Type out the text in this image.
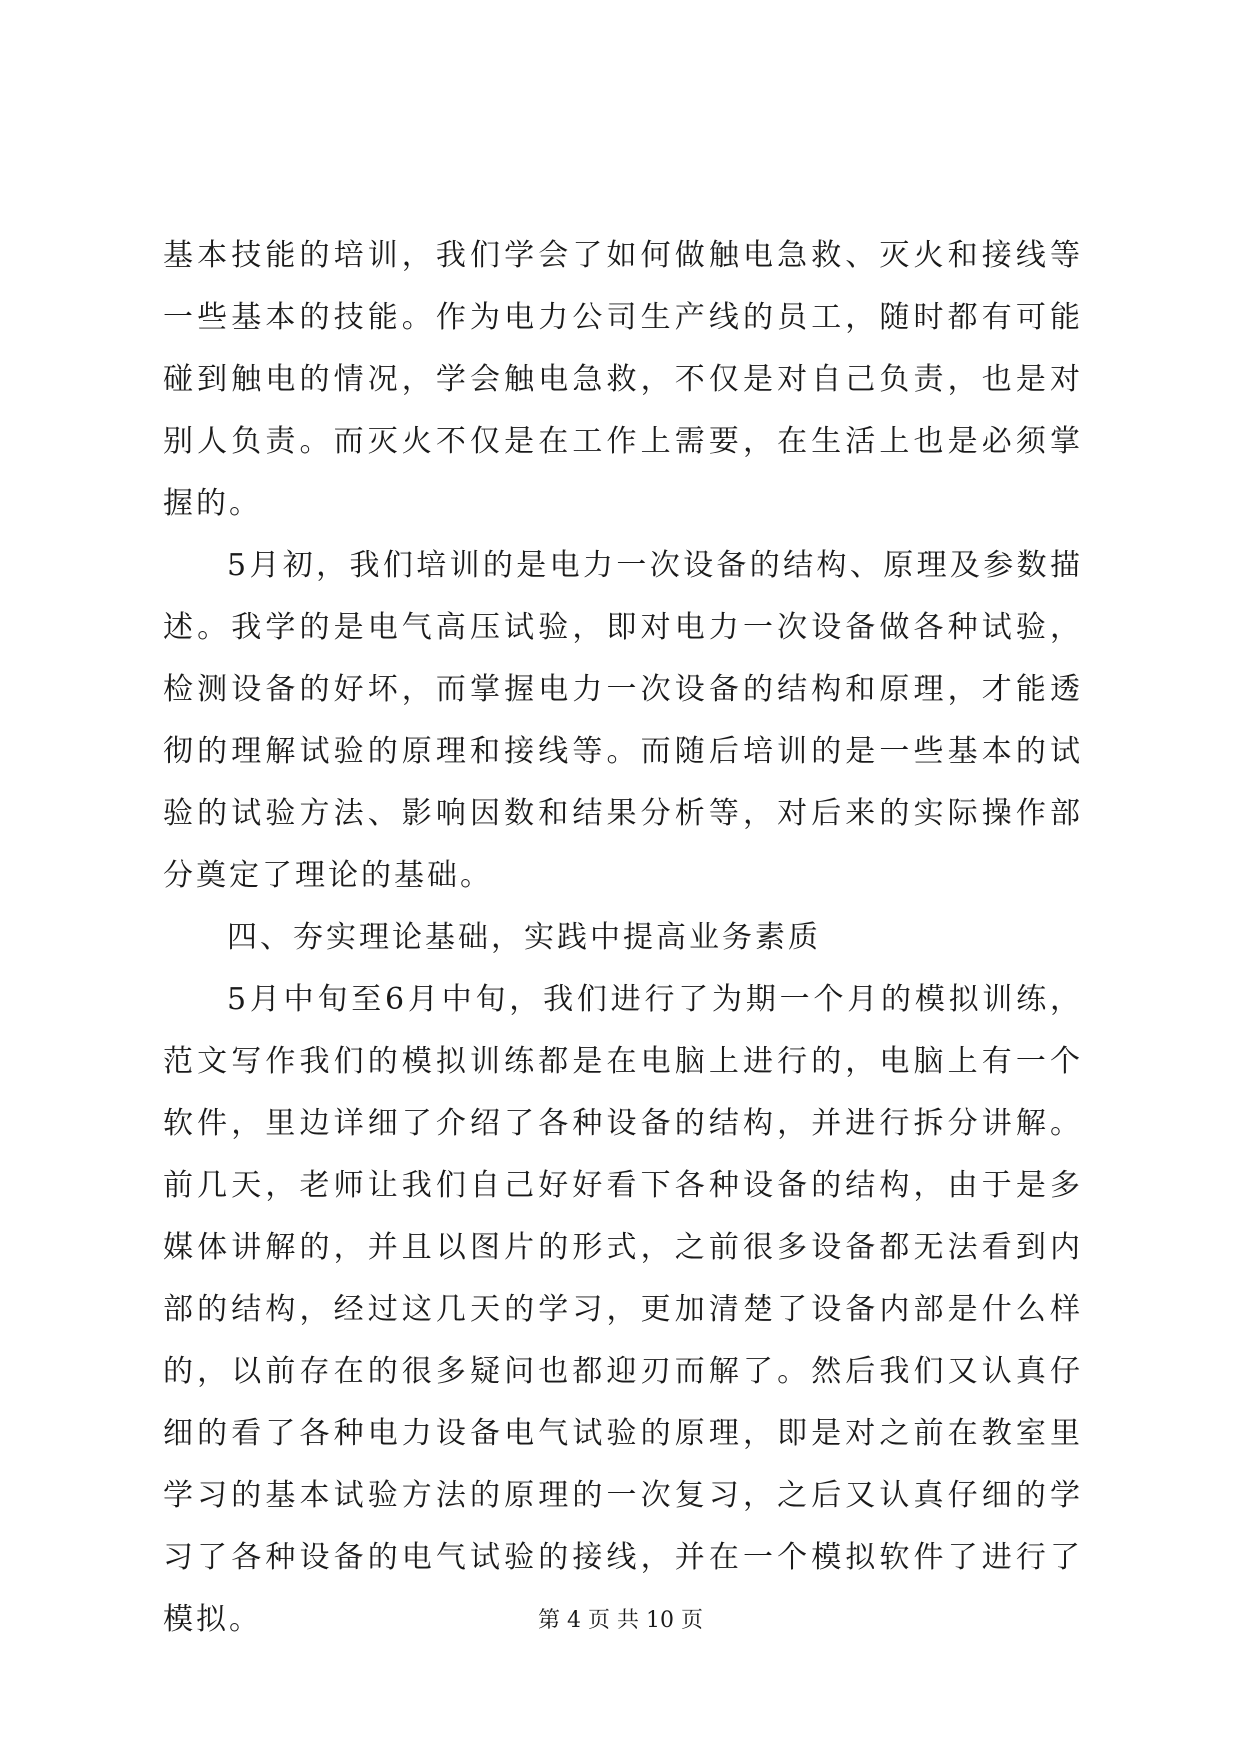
基本技能的培训，我们学会了如何做触电急救、灭火和接线等一些基本的技能。作为电力公司生产线的员工，随时都有可能碰到触电的情况，学会触电急救，不仅是对自己负责，也是对别人负责。而灭火不仅是在工作上需要，在生活上也是必须掌握的。

5月初，我们培训的是电力一次设备的结构、原理及参数描述。我学的是电气高压试验，即对电力一次设备做各种试验，检测设备的好坏，而掌握电力一次设备的结构和原理，才能透彻的理解试验的原理和接线等。而随后培训的是一些基本的试验的试验方法、影响因数和结果分析等，对后来的实际操作部分奠定了理论的基础。

四、夯实理论基础，实践中提高业务素质

5月中旬至6月中旬，我们进行了为期一个月的模拟训练，范文写作我们的模拟训练都是在电脑上进行的，电脑上有一个软件，里边详细了介绍了各种设备的结构，并进行拆分讲解。前几天，老师让我们自己好好看下各种设备的结构，由于是多媒体讲解的，并且以图片的形式，之前很多设备都无法看到内部的结构，经过这几天的学习，更加清楚了设备内部是什么样的，以前存在的很多疑问也都迎刃而解了。然后我们又认真仔细的看了各种电力设备电气试验的原理，即是对之前在教室里学习的基本试验方法的原理的一次复习，之后又认真仔细的学习了各种设备的电气试验的接线，并在一个模拟软件了进行了模拟。	第 4 页 共 10 页
